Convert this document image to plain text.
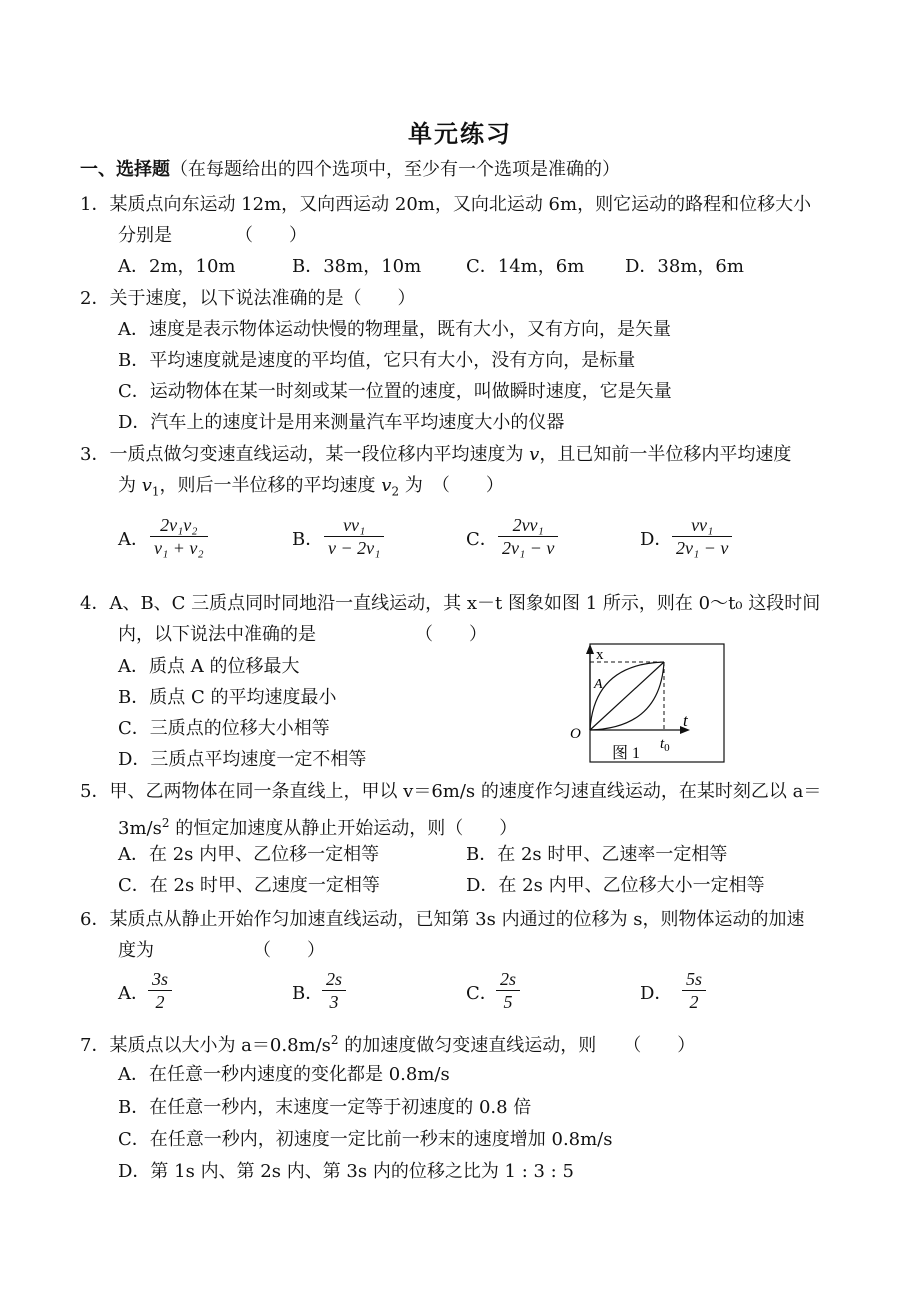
单元练习
一、选择题（在每题给出的四个选项中，至少有一个选项是准确的）
1．某质点向东运动 12m，又向西运动 20m，又向北运动 6m，则它运动的路程和位移大小
分别是　　　　（　　）
A．2m，10m	B．38m，10m C．14m，6m D．38m，6m
2．关于速度，以下说法准确的是（　　）
A．速度是表示物体运动快慢的物理量，既有大小，又有方向，是矢量
B．平均速度就是速度的平均值，它只有大小，没有方向，是标量
C．运动物体在某一时刻或某一位置的速度，叫做瞬时速度，它是矢量
D．汽车上的速度计是用来测量汽车平均速度大小的仪器
3．一质点做匀变速直线运动，某一段位移内平均速度为 v，且已知前一半位移内平均速度
为 $v_1$，则后一半位移的平均速度 $v_2$ 为　（　　）
A．
2v₁v₂
v₁ + v₂	B．
vv₁
v − 2v₁	C．
2vv₁
2v₁ − v	D．
vv₁
2v₁ − v
4．A、B、C 三质点同时同地沿一直线运动，其 x－t 图象如图 1 所示，则在 0～t₀ 这段时间
内，以下说法中准确的是　　　　　　（　　）
A．质点 A 的位移最大
B．质点 C 的平均速度最小
C．三质点的位移大小相等
D．三质点平均速度一定不相等
x
t
O
A
$t_0$
图 1
5．甲、乙两物体在同一条直线上，甲以 v＝6m/s 的速度作匀速直线运动，在某时刻乙以 a＝
$3m/s^2$ 的恒定加速度从静止开始运动，则（　　）
A．在 2s 内甲、乙位移一定相等	B．在 2s 时甲、乙速率一定相等
C．在 2s 时甲、乙速度一定相等	D．在 2s 内甲、乙位移大小一定相等
6．某质点从静止开始作匀加速直线运动，已知第 3s 内通过的位移为 s，则物体运动的加速
度为　　　　　　（　　）
A．
3s
2	B．
2s
3	C．
2s
5	D．
5s
2
7．某质点以大小为 $a=0.8m/s^2$ 的加速度做匀变速直线运动，则　　（　　）
A．在任意一秒内速度的变化都是 0.8m/s
B．在任意一秒内，末速度一定等于初速度的 0.8 倍
C．在任意一秒内，初速度一定比前一秒末的速度增加 0.8m/s
D．第 1s 内、第 2s 内、第 3s 内的位移之比为 1 : 3 : 5
